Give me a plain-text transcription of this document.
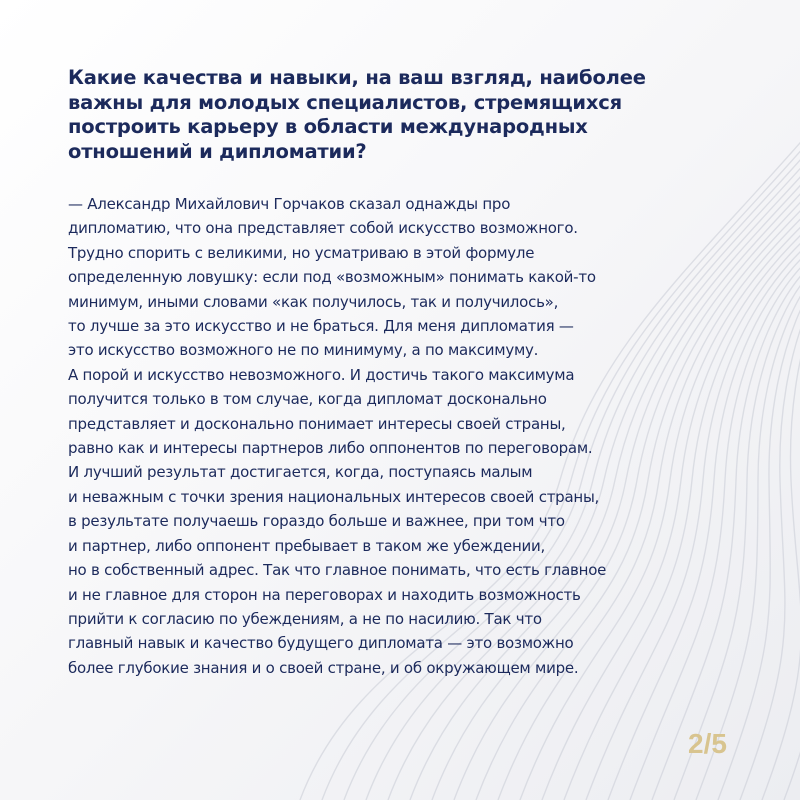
Какие качества и навыки, на ваш взгляд, наиболее
важны для молодых специалистов, стремящихся
построить карьеру в области международных
отношений и дипломатии?
— Александр Михайлович Горчаков сказал однажды про
дипломатию, что она представляет собой искусство возможного.
Трудно спорить с великими, но усматриваю в этой формуле
определенную ловушку: если под «возможным» понимать какой-то
минимум, иными словами «как получилось, так и получилось»,
то лучше за это искусство и не браться. Для меня дипломатия —
это искусство возможного не по минимуму, а по максимуму.
А порой и искусство невозможного. И достичь такого максимума
получится только в том случае, когда дипломат досконально
представляет и досконально понимает интересы своей страны,
равно как и интересы партнеров либо оппонентов по переговорам.
И лучший результат достигается, когда, поступаясь малым
и неважным с точки зрения национальных интересов своей страны,
в результате получаешь гораздо больше и важнее, при том что
и партнер, либо оппонент пребывает в таком же убеждении,
но в собственный адрес. Так что главное понимать, что есть главное
и не главное для сторон на переговорах и находить возможность
прийти к согласию по убеждениям, а не по насилию. Так что
главный навык и качество будущего дипломата — это возможно
более глубокие знания и о своей стране, и об окружающем мире.
2/5
